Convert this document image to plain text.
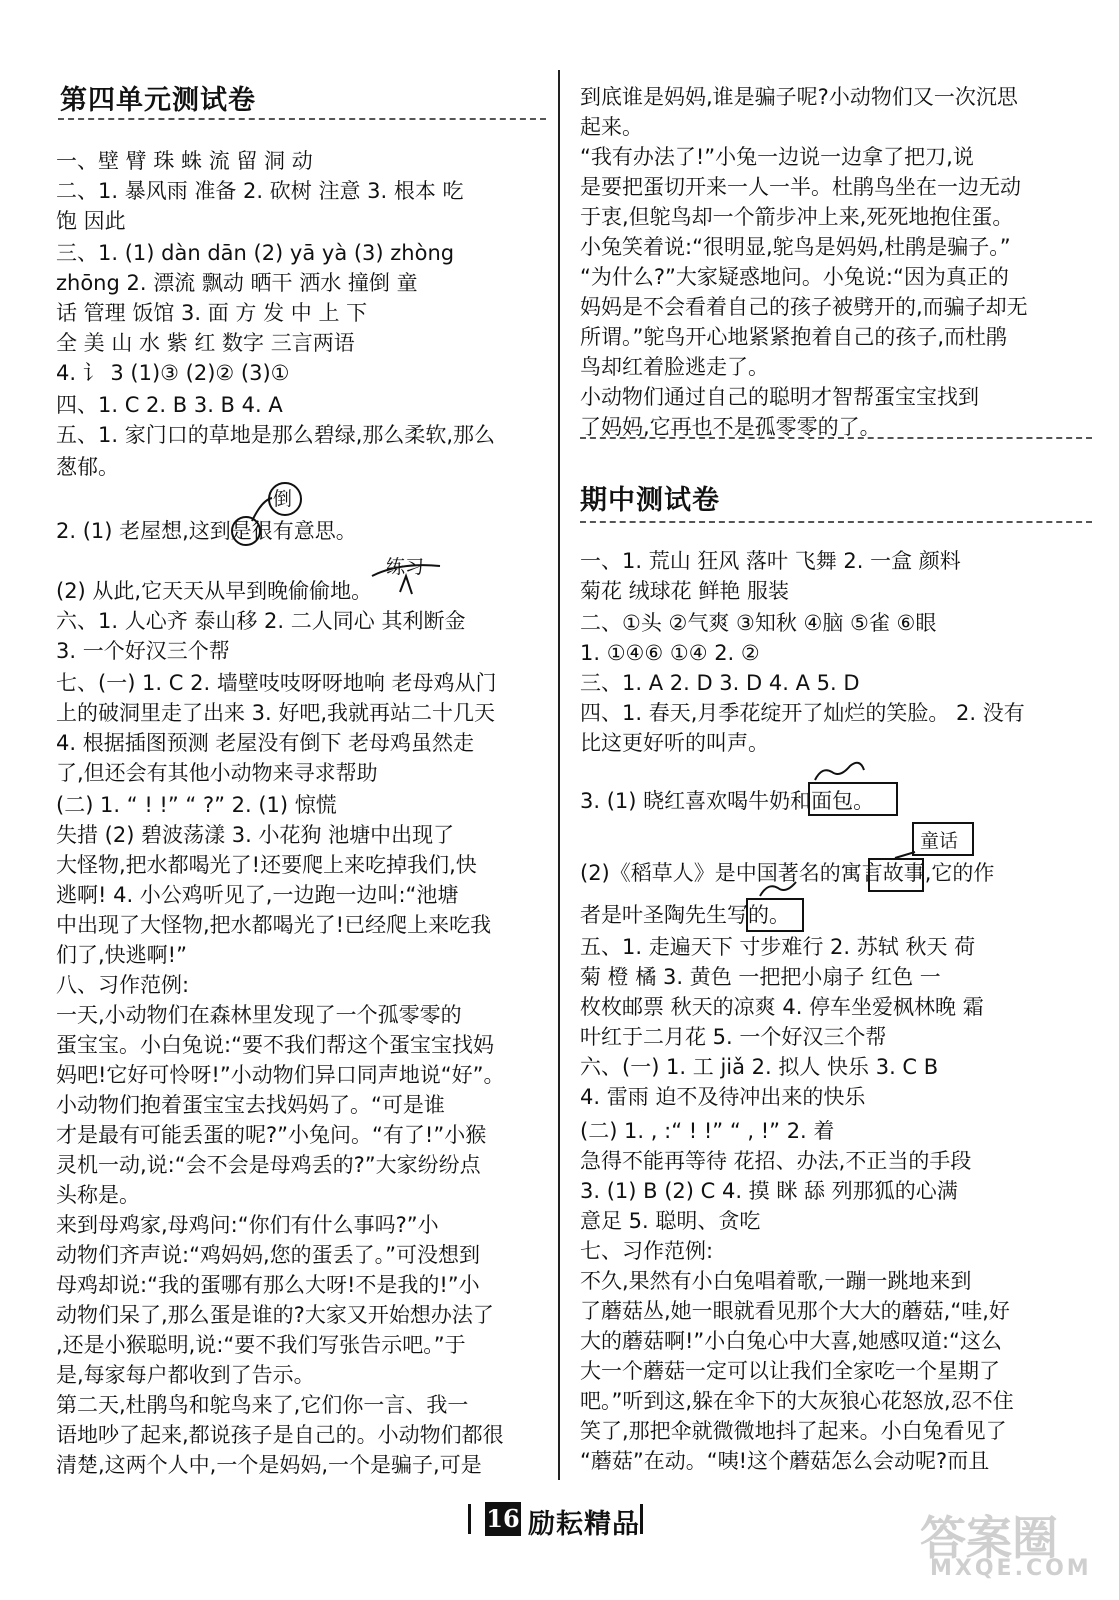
第四单元测试卷
一、壁 臂 珠 蛛 流 留 洞 动
二、1. 暴风雨 准备 2. 砍树 注意 3. 根本 吃
饱 因此
三、1. (1) dàn dān (2) yā yà (3) zhòng
zhōng 2. 漂流 飘动 晒干 洒水 撞倒 童
话 管理 饭馆 3. 面 方 发 中 上 下
全 美 山 水 紫 红 数字 三言两语
4. 讠 3 (1)③ (2)② (3)①
四、1. C 2. B 3. B 4. A
五、1. 家门口的草地是那么碧绿,那么柔软,那么
葱郁。
2. (1) 老屋想,这到是很有意思。
(2) 从此,它天天从早到晚偷偷地。
六、1. 人心齐 泰山移 2. 二人同心 其利断金
3. 一个好汉三个帮
七、(一) 1. C 2. 墙壁吱吱呀呀地响 老母鸡从门
上的破洞里走了出来 3. 好吧,我就再站二十几天
4. 根据插图预测 老屋没有倒下 老母鸡虽然走
了,但还会有其他小动物来寻求帮助
(二) 1. “ ! !” “ ?” 2. (1) 惊慌
失措 (2) 碧波荡漾 3. 小花狗 池塘中出现了
大怪物,把水都喝光了!还要爬上来吃掉我们,快
逃啊! 4. 小公鸡听见了,一边跑一边叫:“池塘
中出现了大怪物,把水都喝光了!已经爬上来吃我
们了,快逃啊!”
八、习作范例:
一天,小动物们在森林里发现了一个孤零零的
蛋宝宝。小白兔说:“要不我们帮这个蛋宝宝找妈
妈吧!它好可怜呀!”小动物们异口同声地说“好”。
小动物们抱着蛋宝宝去找妈妈了。“可是谁
才是最有可能丢蛋的呢?”小兔问。“有了!”小猴
灵机一动,说:“会不会是母鸡丢的?”大家纷纷点
头称是。
来到母鸡家,母鸡问:“你们有什么事吗?”小
动物们齐声说:“鸡妈妈,您的蛋丢了。”可没想到
母鸡却说:“我的蛋哪有那么大呀!不是我的!”小
动物们呆了,那么蛋是谁的?大家又开始想办法了
,还是小猴聪明,说:“要不我们写张告示吧。”于
是,每家每户都收到了告示。
第二天,杜鹃鸟和鸵鸟来了,它们你一言、我一
语地吵了起来,都说孩子是自己的。小动物们都很
清楚,这两个人中,一个是妈妈,一个是骗子,可是
倒
练习
到底谁是妈妈,谁是骗子呢?小动物们又一次沉思
起来。
“我有办法了!”小兔一边说一边拿了把刀,说
是要把蛋切开来一人一半。杜鹃鸟坐在一边无动
于衷,但鸵鸟却一个箭步冲上来,死死地抱住蛋。
小兔笑着说:“很明显,鸵鸟是妈妈,杜鹃是骗子。”
“为什么?”大家疑惑地问。小兔说:“因为真正的
妈妈是不会看着自己的孩子被劈开的,而骗子却无
所谓。”鸵鸟开心地紧紧抱着自己的孩子,而杜鹃
鸟却红着脸逃走了。
小动物们通过自己的聪明才智帮蛋宝宝找到
了妈妈,它再也不是孤零零的了。
期中测试卷
一、1. 荒山 狂风 落叶 飞舞 2. 一盒 颜料
菊花 绒球花 鲜艳 服装
二、①头 ②气爽 ③知秋 ④脑 ⑤雀 ⑥眼
1. ①④⑥ ①④ 2. ②
三、1. A 2. D 3. D 4. A 5. D
四、1. 春天,月季花绽开了灿烂的笑脸。 2. 没有
比这更好听的叫声。
3. (1) 晓红喜欢喝牛奶和面包。
(2)《稻草人》是中国著名的寓言故事,它的作
者是叶圣陶先生写的。
五、1. 走遍天下 寸步难行 2. 苏轼 秋天 荷
菊 橙 橘 3. 黄色 一把把小扇子 红色 一
枚枚邮票 秋天的凉爽 4. 停车坐爱枫林晚 霜
叶红于二月花 5. 一个好汉三个帮
六、(一) 1. 工 jiǎ 2. 拟人 快乐 3. C B
4. 雷雨 迫不及待冲出来的快乐
(二) 1. , :“ ! !” “ , !” 2. 着
急得不能再等待 花招、办法,不正当的手段
3. (1) B (2) C 4. 摸 眯 舔 列那狐的心满
意足 5. 聪明、贪吃
七、习作范例:
不久,果然有小白兔唱着歌,一蹦一跳地来到
了蘑菇丛,她一眼就看见那个大大的蘑菇,“哇,好
大的蘑菇啊!”小白兔心中大喜,她感叹道:“这么
大一个蘑菇一定可以让我们全家吃一个星期了
吧。”听到这,躲在伞下的大灰狼心花怒放,忍不住
笑了,那把伞就微微地抖了起来。小白兔看见了
“蘑菇”在动。“咦!这个蘑菇怎么会动呢?而且
童话
16 励耘精品	答案圈
MXQE.COM
